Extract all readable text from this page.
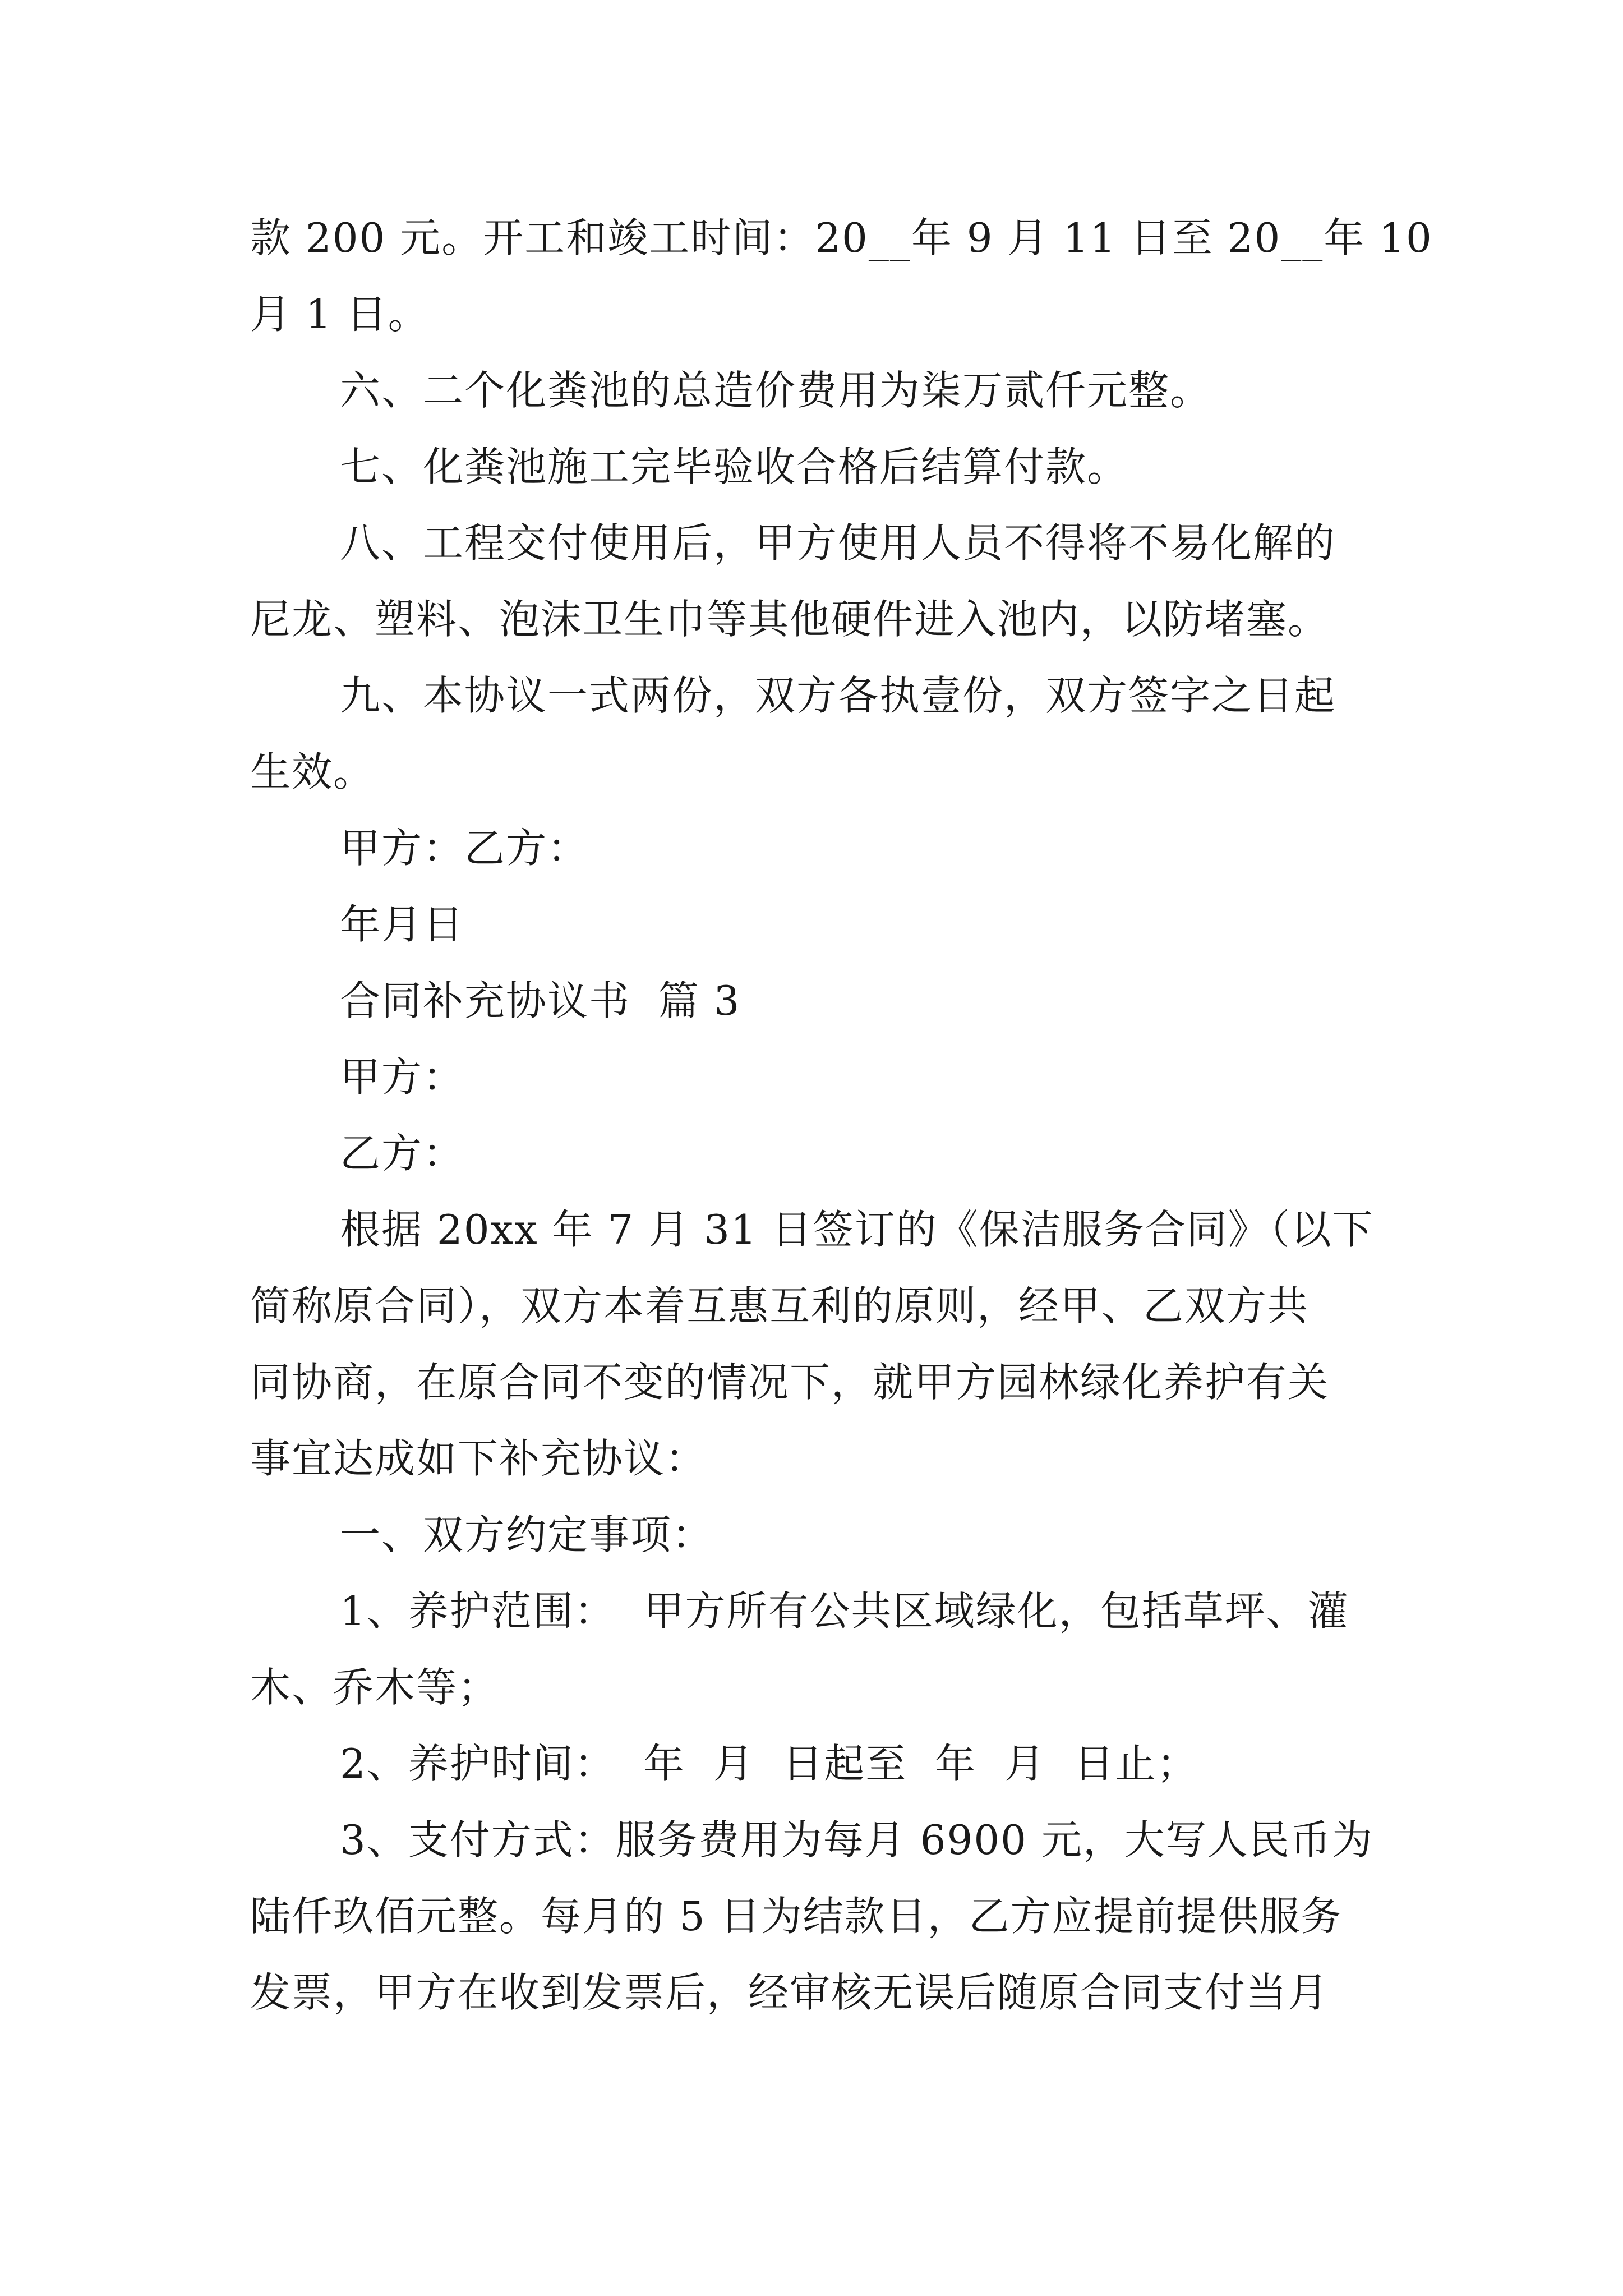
款 200 元。开工和竣工时间：20__年 9 月 11 日至 20__年 10
月 1 日。
六、二个化粪池的总造价费用为柒万贰仟元整。
七、化粪池施工完毕验收合格后结算付款。
八、工程交付使用后，甲方使用人员不得将不易化解的
尼龙、塑料、泡沫卫生巾等其他硬件进入池内，以防堵塞。
九、本协议一式两份，双方各执壹份，双方签字之日起
生效。
甲方：乙方：
年月日
合同补充协议书  篇 3
甲方：
乙方：
根据 20xx 年 7 月 31 日签订的《保洁服务合同》（以下
简称原合同），双方本着互惠互利的原则，经甲、乙双方共
同协商，在原合同不变的情况下，就甲方园林绿化养护有关
事宜达成如下补充协议：
一、双方约定事项：
1、养护范围：  甲方所有公共区域绿化，包括草坪、灌
木、乔木等；
2、养护时间：  年  月  日起至  年  月  日止；
3、支付方式：服务费用为每月 6900 元，大写人民币为
陆仟玖佰元整。每月的 5 日为结款日，乙方应提前提供服务
发票，甲方在收到发票后，经审核无误后随原合同支付当月
